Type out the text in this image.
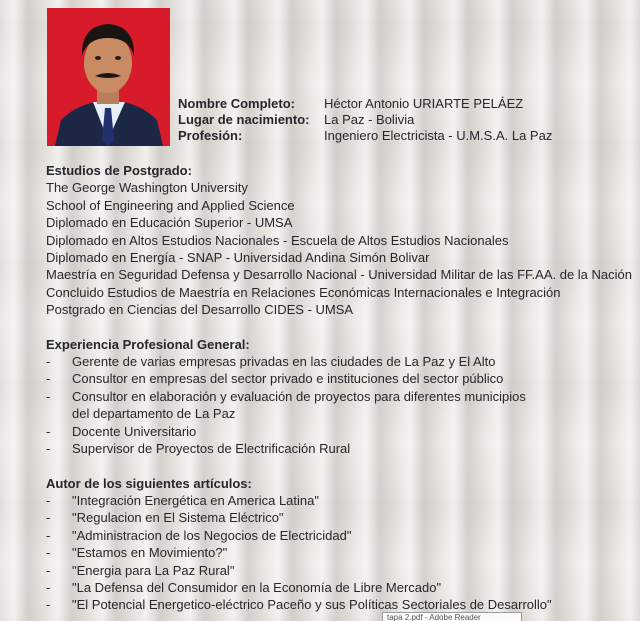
Nombre Completo:	Héctor Antonio URIARTE PELÁEZ
Lugar de nacimiento:	La Paz - Bolivia
Profesión:	Ingeniero Electricista - U.M.S.A. La Paz
Estudios de Postgrado:
The George Washington University
School of Engineering and Applied Science
Diplomado en Educación Superior - UMSA
Diplomado en Altos Estudios Nacionales - Escuela de Altos Estudios Nacionales
Diplomado en Energía - SNAP - Universidad Andina Simón Bolivar
Maestría en Seguridad Defensa y Desarrollo Nacional - Universidad Militar de las FF.AA. de la Nación
Concluido Estudios de Maestría en Relaciones Económicas Internacionales e Integración
Postgrado en Ciencias del Desarrollo CIDES - UMSA
Experiencia Profesional General:
-	Gerente de varias empresas privadas en las ciudades de La Paz y El Alto
-	Consultor en empresas del sector privado e instituciones del sector público
-	Consultor en elaboración y evaluación de proyectos para diferentes municipios
del departamento de La Paz
-	Docente Universitario
-	Supervisor de Proyectos de Electrificación Rural
Autor de los siguientes artículos:
-	"Integración Energética en America Latina"
-	"Regulacion en El Sistema Eléctrico"
-	"Administracion de los Negocios de Electricidad"
-	"Estamos en Movimiento?"
-	"Energia para La Paz Rural"
-	"La Defensa del Consumidor en la Economía de Libre Mercado"
-	"El Potencial Energetico-eléctrico Paceño y sus Políticas Sectoriales de Desarrollo"
tapa 2.pdf - Adobe Reader
